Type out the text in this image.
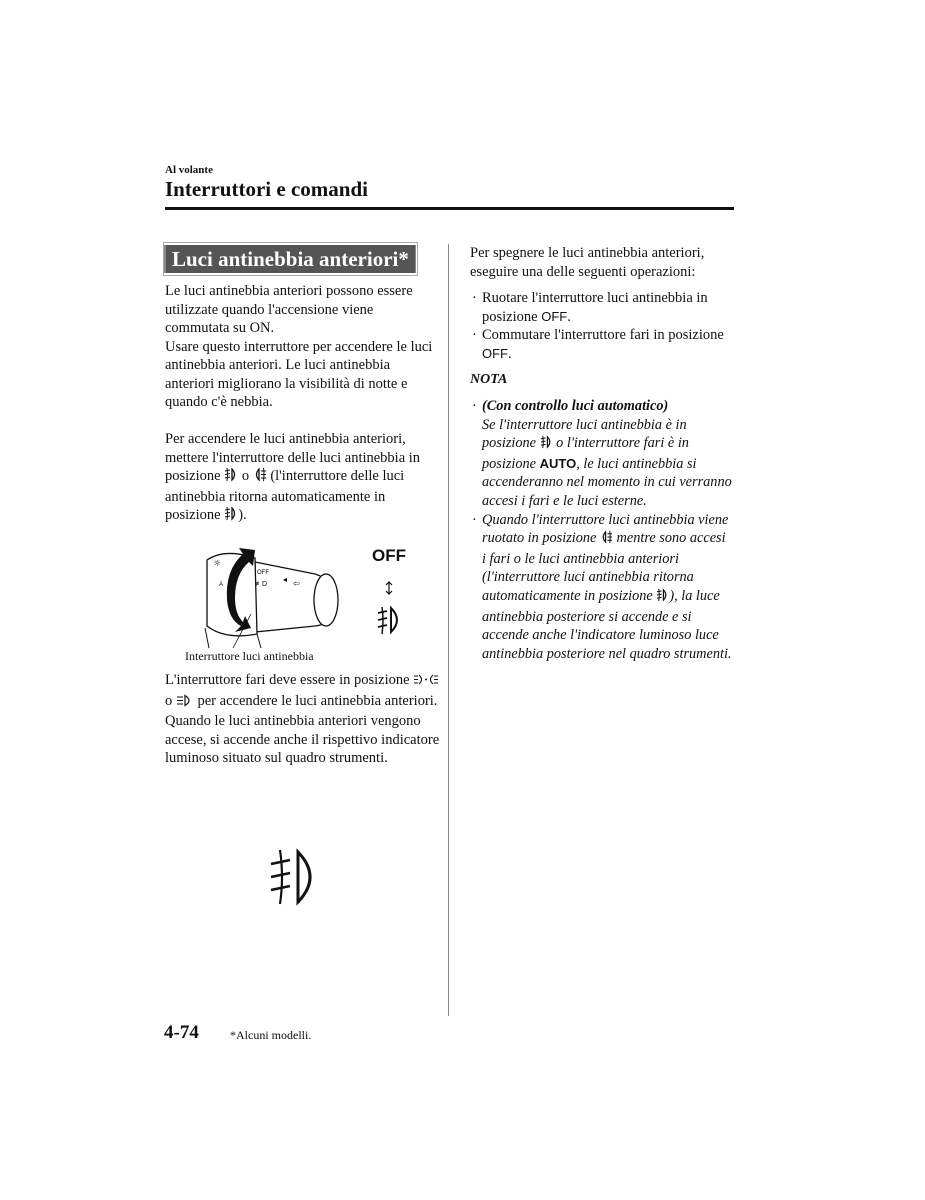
Al volante
Interruttori e comandi
Luci antinebbia anteriori*
Le luci antinebbia anteriori possono essere utilizzate quando l'accensione viene commutata su ON.
Usare questo interruttore per accendere le luci antinebbia anteriori. Le luci antinebbia anteriori migliorano la visibilità di notte e quando c'è nebbia.
Per accendere le luci antinebbia anteriori, mettere l'interruttore delle luci antinebbia in posizione  o  (l'interruttore delle luci antinebbia ritorna automaticamente in posizione ).
OFF
≢D
☼
A
◂ ⇦
OFF
Interruttore luci antinebbia
L'interruttore fari deve essere in posizione  o  per accendere le luci antinebbia anteriori.
Quando le luci antinebbia anteriori vengono accese, si accende anche il rispettivo indicatore luminoso situato sul quadro strumenti.
Per spegnere le luci antinebbia anteriori, eseguire una delle seguenti operazioni:
· Ruotare l'interruttore luci antinebbia in posizione OFF.
· Commutare l'interruttore fari in posizione OFF.
NOTA
· (Con controllo luci automatico)
Se l'interruttore luci antinebbia è in posizione  o l'interruttore fari è in posizione AUTO, le luci antinebbia si accenderanno nel momento in cui verranno accesi i fari e le luci esterne.
· Quando l'interruttore luci antinebbia viene ruotato in posizione  mentre sono accesi i fari o le luci antinebbia anteriori (l'interruttore luci antinebbia ritorna automaticamente in posizione ), la luce antinebbia posteriore si accende e si accende anche l'indicatore luminoso luce antinebbia posteriore nel quadro strumenti.
4-74	*Alcuni modelli.
